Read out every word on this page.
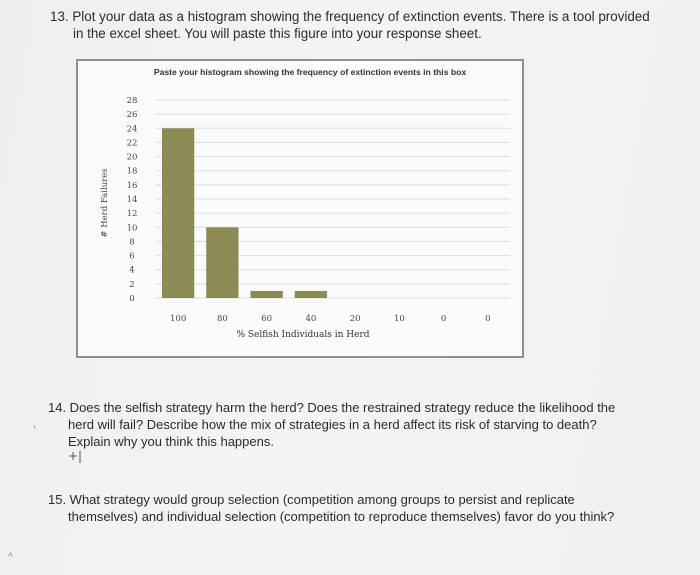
13. Plot your data as a histogram showing the frequency of extinction events. There is a tool provided
in the excel sheet. You will paste this figure into your response sheet.
Paste your histogram showing the frequency of extinction events in this box
0
2
4
6
8
10
12
14
16
18
20
22
24
26
28
# Herd Failures
100	80	60	40	20	10	0	0
% Selfish Individuals in Herd
,
14. Does the selfish strategy harm the herd? Does the restrained strategy reduce the likelihood the
herd will fail? Describe how the mix of strategies in a herd affect its risk of starving to death?
Explain why you think this happens.
+|
15. What strategy would group selection (competition among groups to persist and replicate
themselves) and individual selection (competition to reproduce themselves) favor do you think?
^
